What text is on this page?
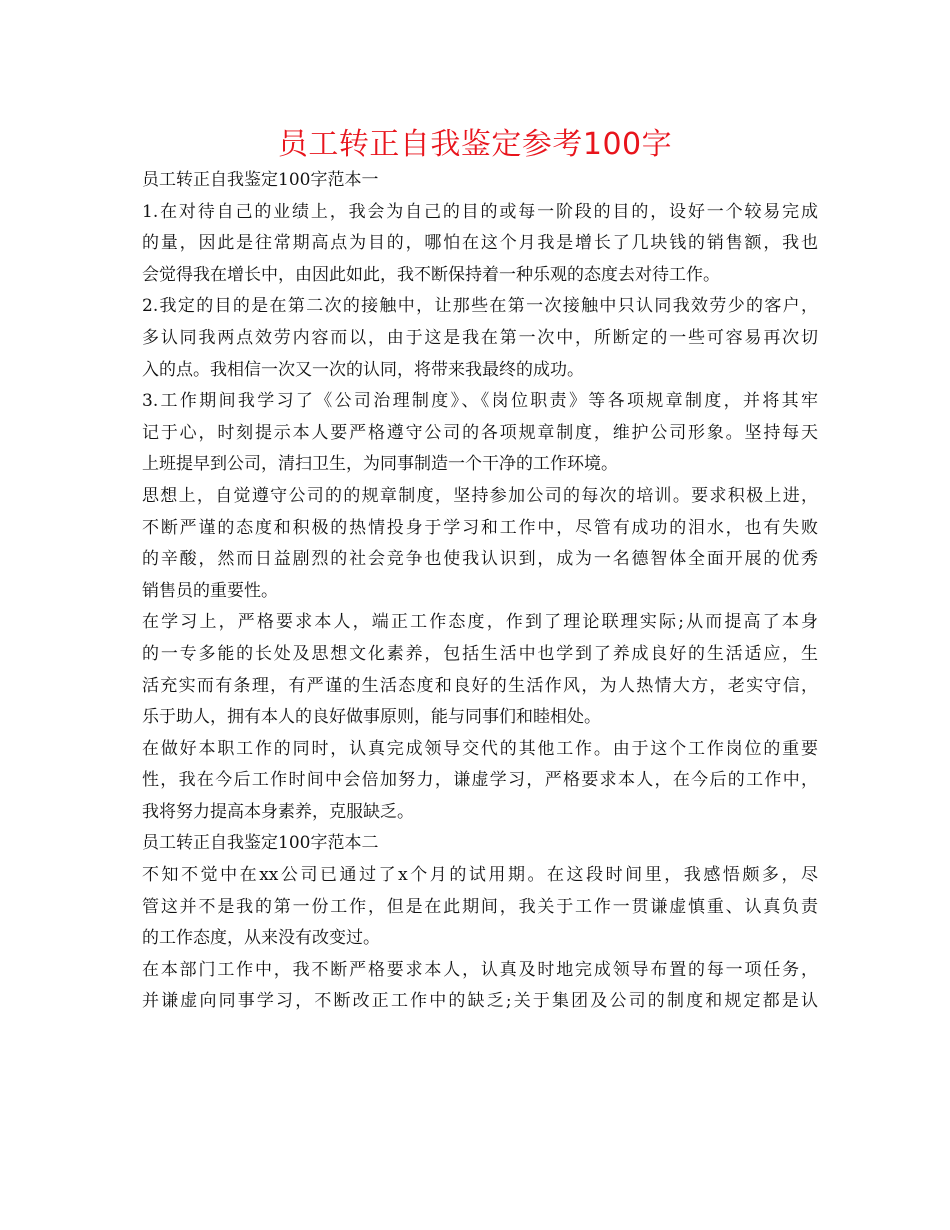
员工转正自我鉴定参考100字
员工转正自我鉴定100字范本一
1.在对待自己的业绩上，我会为自己的目的或每一阶段的目的，设好一个较易完成
的量，因此是往常期高点为目的，哪怕在这个月我是增长了几块钱的销售额，我也
会觉得我在增长中，由因此如此，我不断保持着一种乐观的态度去对待工作。
2.我定的目的是在第二次的接触中，让那些在第一次接触中只认同我效劳少的客户，
多认同我两点效劳内容而以，由于这是我在第一次中，所断定的一些可容易再次切
入的点。我相信一次又一次的认同，将带来我最终的成功。
3.工作期间我学习了《公司治理制度》、《岗位职责》等各项规章制度，并将其牢
记于心，时刻提示本人要严格遵守公司的各项规章制度，维护公司形象。坚持每天
上班提早到公司，清扫卫生，为同事制造一个干净的工作环境。
思想上，自觉遵守公司的的规章制度，坚持参加公司的每次的培训。要求积极上进，
不断严谨的态度和积极的热情投身于学习和工作中，尽管有成功的泪水，也有失败
的辛酸，然而日益剧烈的社会竞争也使我认识到，成为一名德智体全面开展的优秀
销售员的重要性。
在学习上，严格要求本人，端正工作态度，作到了理论联理实际;从而提高了本身
的一专多能的长处及思想文化素养，包括生活中也学到了养成良好的生活适应，生
活充实而有条理，有严谨的生活态度和良好的生活作风，为人热情大方，老实守信，
乐于助人，拥有本人的良好做事原则，能与同事们和睦相处。
在做好本职工作的同时，认真完成领导交代的其他工作。由于这个工作岗位的重要
性，我在今后工作时间中会倍加努力，谦虚学习，严格要求本人，在今后的工作中，
我将努力提高本身素养，克服缺乏。
员工转正自我鉴定100字范本二
不知不觉中在xx公司已通过了x个月的试用期。在这段时间里，我感悟颇多，尽
管这并不是我的第一份工作，但是在此期间，我关于工作一贯谦虚慎重、认真负责
的工作态度，从来没有改变过。
在本部门工作中，我不断严格要求本人，认真及时地完成领导布置的每一项任务，
并谦虚向同事学习，不断改正工作中的缺乏;关于集团及公司的制度和规定都是认
